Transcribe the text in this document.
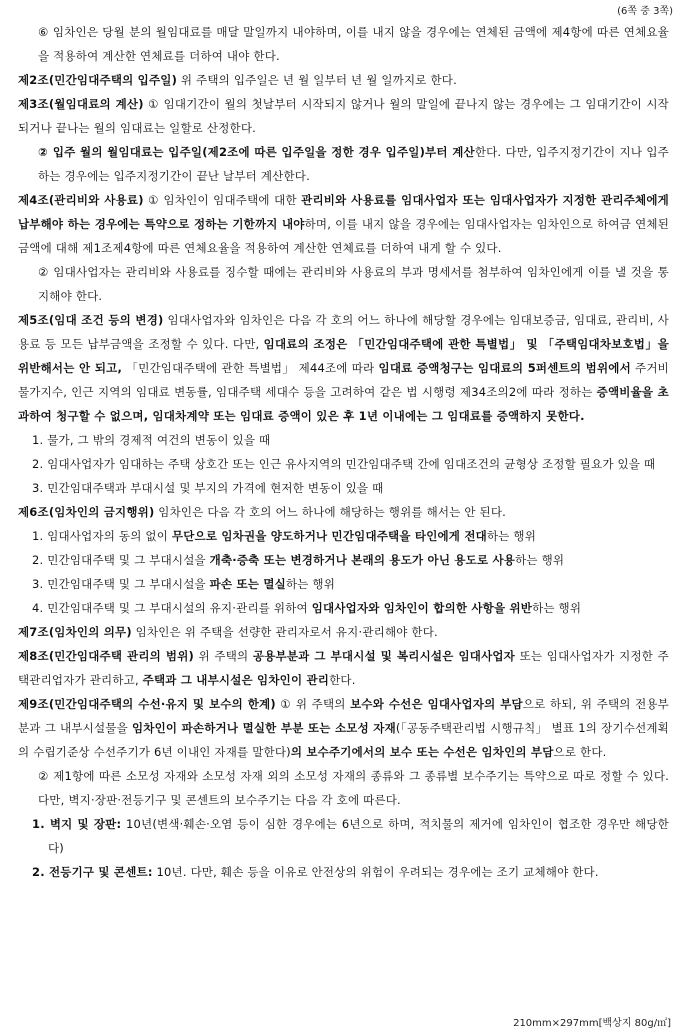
(6쪽 중 3쪽)

⑥ 임차인은 당월 분의 월임대료를 매달 말일까지 내야하며, 이를 내지 않을 경우에는 연체된 금액에 제4항에 따른 연체요율을 적용하여 계산한 연체료를 더하여 내야 한다.

제2조(민간임대주택의 입주일) 위 주택의 입주일은 년 월 일부터 년 월 일까지로 한다.

제3조(월임대료의 계산) ① 임대기간이 월의 첫날부터 시작되지 않거나 월의 말일에 끝나지 않는 경우에는 그 임대기간이 시작되거나 끝나는 월의 임대료는 일할로 산정한다.

② 입주 월의 월임대료는 입주일(제2조에 따른 입주일을 정한 경우 입주일)부터 계산한다. 다만, 입주지정기간이 지나 입주하는 경우에는 입주지정기간이 끝난 날부터 계산한다.

제4조(관리비와 사용료) ① 임차인이 임대주택에 대한 관리비와 사용료를 임대사업자 또는 임대사업자가 지정한 관리주체에게 납부해야 하는 경우에는 특약으로 정하는 기한까지 내야하며, 이를 내지 않을 경우에는 임대사업자는 임차인으로 하여금 연체된 금액에 대해 제1조제4항에 따른 연체요율을 적용하여 계산한 연체료를 더하여 내게 할 수 있다.

② 임대사업자는 관리비와 사용료를 징수할 때에는 관리비와 사용료의 부과 명세서를 첨부하여 임차인에게 이를 낼 것을 통지해야 한다.

제5조(임대 조건 등의 변경) 임대사업자와 임차인은 다음 각 호의 어느 하나에 해당할 경우에는 임대보증금, 임대료, 관리비, 사용료 등 모든 납부금액을 조정할 수 있다. 다만, 임대료의 조정은 「민간임대주택에 관한 특별법」 및 「주택임대차보호법」을 위반해서는 안 되고, 「민간임대주택에 관한 특별법」 제44조에 따라 임대료 증액청구는 임대료의 5퍼센트의 범위에서 주거비 물가지수, 인근 지역의 임대료 변동률, 임대주택 세대수 등을 고려하여 같은 법 시행령 제34조의2에 따라 정하는 증액비율을 초과하여 청구할 수 없으며, 임대차계약 또는 임대료 증액이 있은 후 1년 이내에는 그 임대료를 증액하지 못한다.

1. 물가, 그 밖의 경제적 여건의 변동이 있을 때

2. 임대사업자가 임대하는 주택 상호간 또는 인근 유사지역의 민간임대주택 간에 임대조건의 균형상 조정할 필요가 있을 때

3. 민간임대주택과 부대시설 및 부지의 가격에 현저한 변동이 있을 때

제6조(임차인의 금지행위) 임차인은 다음 각 호의 어느 하나에 해당하는 행위를 해서는 안 된다.

1. 임대사업자의 동의 없이 무단으로 임차권을 양도하거나 민간임대주택을 타인에게 전대하는 행위

2. 민간임대주택 및 그 부대시설을 개축·증축 또는 변경하거나 본래의 용도가 아닌 용도로 사용하는 행위

3. 민간임대주택 및 그 부대시설을 파손 또는 멸실하는 행위

4. 민간임대주택 및 그 부대시설의 유지·관리를 위하여 임대사업자와 임차인이 합의한 사항을 위반하는 행위

제7조(임차인의 의무) 임차인은 위 주택을 선량한 관리자로서 유지·관리해야 한다.

제8조(민간임대주택 관리의 범위) 위 주택의 공용부분과 그 부대시설 및 복리시설은 임대사업자 또는 임대사업자가 지정한 주택관리업자가 관리하고, 주택과 그 내부시설은 임차인이 관리한다.

제9조(민간임대주택의 수선·유지 및 보수의 한계) ① 위 주택의 보수와 수선은 임대사업자의 부담으로 하되, 위 주택의 전용부분과 그 내부시설물을 임차인이 파손하거나 멸실한 부분 또는 소모성 자재(「공동주택관리법 시행규칙」 별표 1의 장기수선계획의 수립기준상 수선주기가 6년 이내인 자재를 말한다)의 보수주기에서의 보수 또는 수선은 임차인의 부담으로 한다.

② 제1항에 따른 소모성 자재와 소모성 자재 외의 소모성 자재의 종류와 그 종류별 보수주기는 특약으로 따로 정할 수 있다. 다만, 벽지·장판·전등기구 및 콘센트의 보수주기는 다음 각 호에 따른다.

1. 벽지 및 장판: 10년(변색·훼손·오염 등이 심한 경우에는 6년으로 하며, 적치물의 제거에 임차인이 협조한 경우만 해당한다)

2. 전등기구 및 콘센트: 10년. 다만, 훼손 등을 이유로 안전상의 위험이 우려되는 경우에는 조기 교체해야 한다.

210mm×297mm[백상지 80g/㎡]
